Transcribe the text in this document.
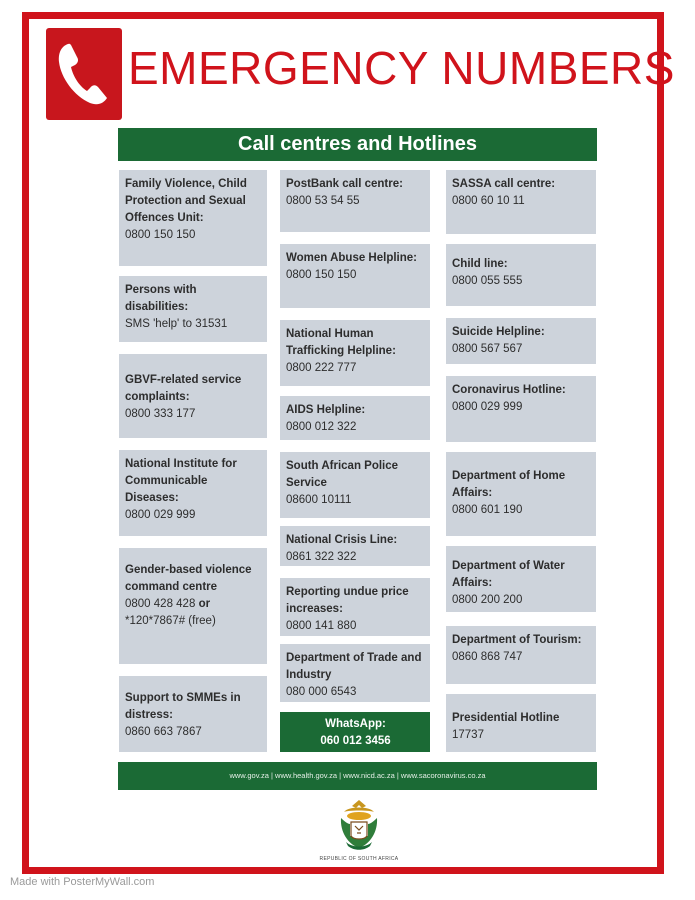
EMERGENCY NUMBERS
Call centres and Hotlines
Family Violence, Child Protection and Sexual Offences Unit:
0800 150 150
Persons with disabilities:
SMS 'help' to 31531
GBVF-related service complaints:
0800 333 177
National Institute for Communicable Diseases:
0800 029 999
Gender-based violence command centre
0800 428 428 or
*120*7867# (free)
Support to SMMEs in distress:
0860 663 7867
PostBank call centre:
0800 53 54 55
Women Abuse Helpline:
0800 150 150
National Human Trafficking Helpline:
0800 222 777
AIDS Helpline:
0800 012 322
South African Police Service
08600 10111
National Crisis Line:
0861 322 322
Reporting undue price increases:
0800 141 880
Department of Trade and Industry
080 000 6543
WhatsApp:
060 012 3456
SASSA call centre:
0800 60 10 11
Child line:
0800 055 555
Suicide Helpline:
0800 567 567
Coronavirus Hotline:
0800 029 999
Department of Home Affairs:
0800 601 190
Department of Water Affairs:
0800 200 200
Department of Tourism:
0860 868 747
Presidential Hotline
17737
www.gov.za | www.health.gov.za | www.nicd.ac.za | www.sacoronavirus.co.za
REPUBLIC OF SOUTH AFRICA
Made with PosterMyWall.com
